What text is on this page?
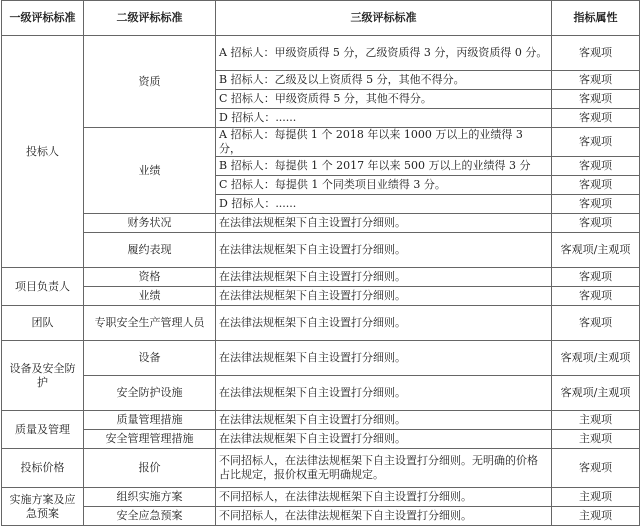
一级评标标准	二级评标标准	三级评标标准	指标属性
投标人	资质	A 招标人：甲级资质得 5 分，乙级资质得 3 分，丙级资质得 0 分。	客观项
		B 招标人：乙级及以上资质得 5 分，其他不得分。	客观项
		C 招标人：甲级资质得 5 分，其他不得分。	客观项
		D 招标人：......	客观项
	业绩	A 招标人：每提供 1 个 2018 年以来 1000 万以上的业绩得 3 分，	客观项
		B 招标人：每提供 1 个 2017 年以来 500 万以上的业绩得 3 分	客观项
		C 招标人：每提供 1 个同类项目业绩得 3 分。	客观项
		D 招标人：......	客观项
	财务状况	在法律法规框架下自主设置打分细则。	客观项
	履约表现	在法律法规框架下自主设置打分细则。	客观项/主观项
项目负责人	资格	在法律法规框架下自主设置打分细则。	客观项
	业绩	在法律法规框架下自主设置打分细则。	客观项
团队	专职安全生产管理人员	在法律法规框架下自主设置打分细则。	客观项
设备及安全防护	设备	在法律法规框架下自主设置打分细则。	客观项/主观项
	安全防护设施	在法律法规框架下自主设置打分细则。	客观项/主观项
质量及管理	质量管理措施	在法律法规框架下自主设置打分细则。	主观项
	安全管理管理措施	在法律法规框架下自主设置打分细则。	主观项
投标价格	报价	不同招标人，在法律法规框架下自主设置打分细则。无明确的价格占比规定，报价权重无明确规定。	客观项
实施方案及应急预案	组织实施方案	不同招标人，在法律法规框架下自主设置打分细则。	主观项
	安全应急预案	不同招标人，在法律法规框架下自主设置打分细则。	主观项
